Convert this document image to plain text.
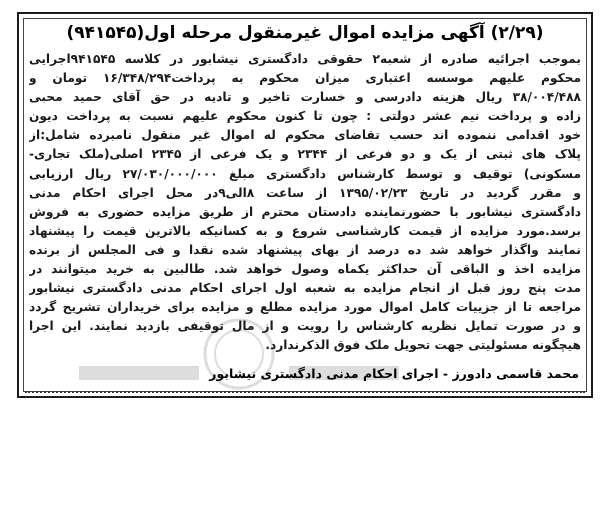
(۲/۲۹) آگهی مزایده اموال غیرمنقول مرحله اول(۹۴۱۵۴۵)
بموجب اجرائیه صادره از شعبه۲ حقوقی دادگستری نیشابور در کلاسه ۹۴۱۵۴۵اجرایی
محکوم علیهم موسسه اعتباری میزان محکوم به پرداخت۱۶/۳۴۸/۲۹۴ تومان و
۳۸/۰۰۴/۴۸۸ ریال هزینه دادرسی و خسارت تاخیر و تادیه در حق آقای حمید محبی
زاده و پرداخت نیم عشر دولتی : چون تا کنون محکوم علیهم نسبت به پرداخت دیون
خود اقدامی ننموده اند حسب تقاضای محکوم له اموال غیر منقول نامبرده شامل:از
پلاک های ثبتی از یک و دو فرعی از ۲۳۴۴ و یک فرعی از ۲۳۴۵ اصلی(ملک تجاری-
مسکونی) توقیف و توسط کارشناس دادگستری مبلغ ۲۷/۰۳۰/۰۰۰/۰۰۰ ریال ارزیابی
و مقرر گردید در تاریخ ۱۳۹۵/۰۲/۲۳ از ساعت ۸الی۹در محل اجرای احکام مدنی
دادگستری نیشابور با حضورنماینده دادستان محترم از طریق مزایده حضوری به فروش
برسد.مورد مزایده از قیمت کارشناسی شروع و به کسانیکه بالاترین قیمت را پیشنهاد
نمایند واگذار خواهد شد ده درصد از بهای پیشنهاد شده نقدا و فی المجلس از برنده
مزایده اخذ و الباقی آن حداکثر یکماه وصول خواهد شد. طالبین به خرید میتوانند در
مدت پنج روز قبل از انجام مزایده به شعبه اول اجرای احکام مدنی دادگستری نیشابور
مراجعه تا از جزییات کامل اموال مورد مزایده مطلع و مزایده برای خریداران تشریح گردد
و در صورت تمایل نظریه کارشناس را رویت و از مال توقیفی بازدید نمایند. این اجرا
هیچگونه مسئولیتی جهت تحویل ملک فوق الذکرندارد.
محمد قاسمی دادورز - اجرای احکام مدنی دادگستری نیشابور
